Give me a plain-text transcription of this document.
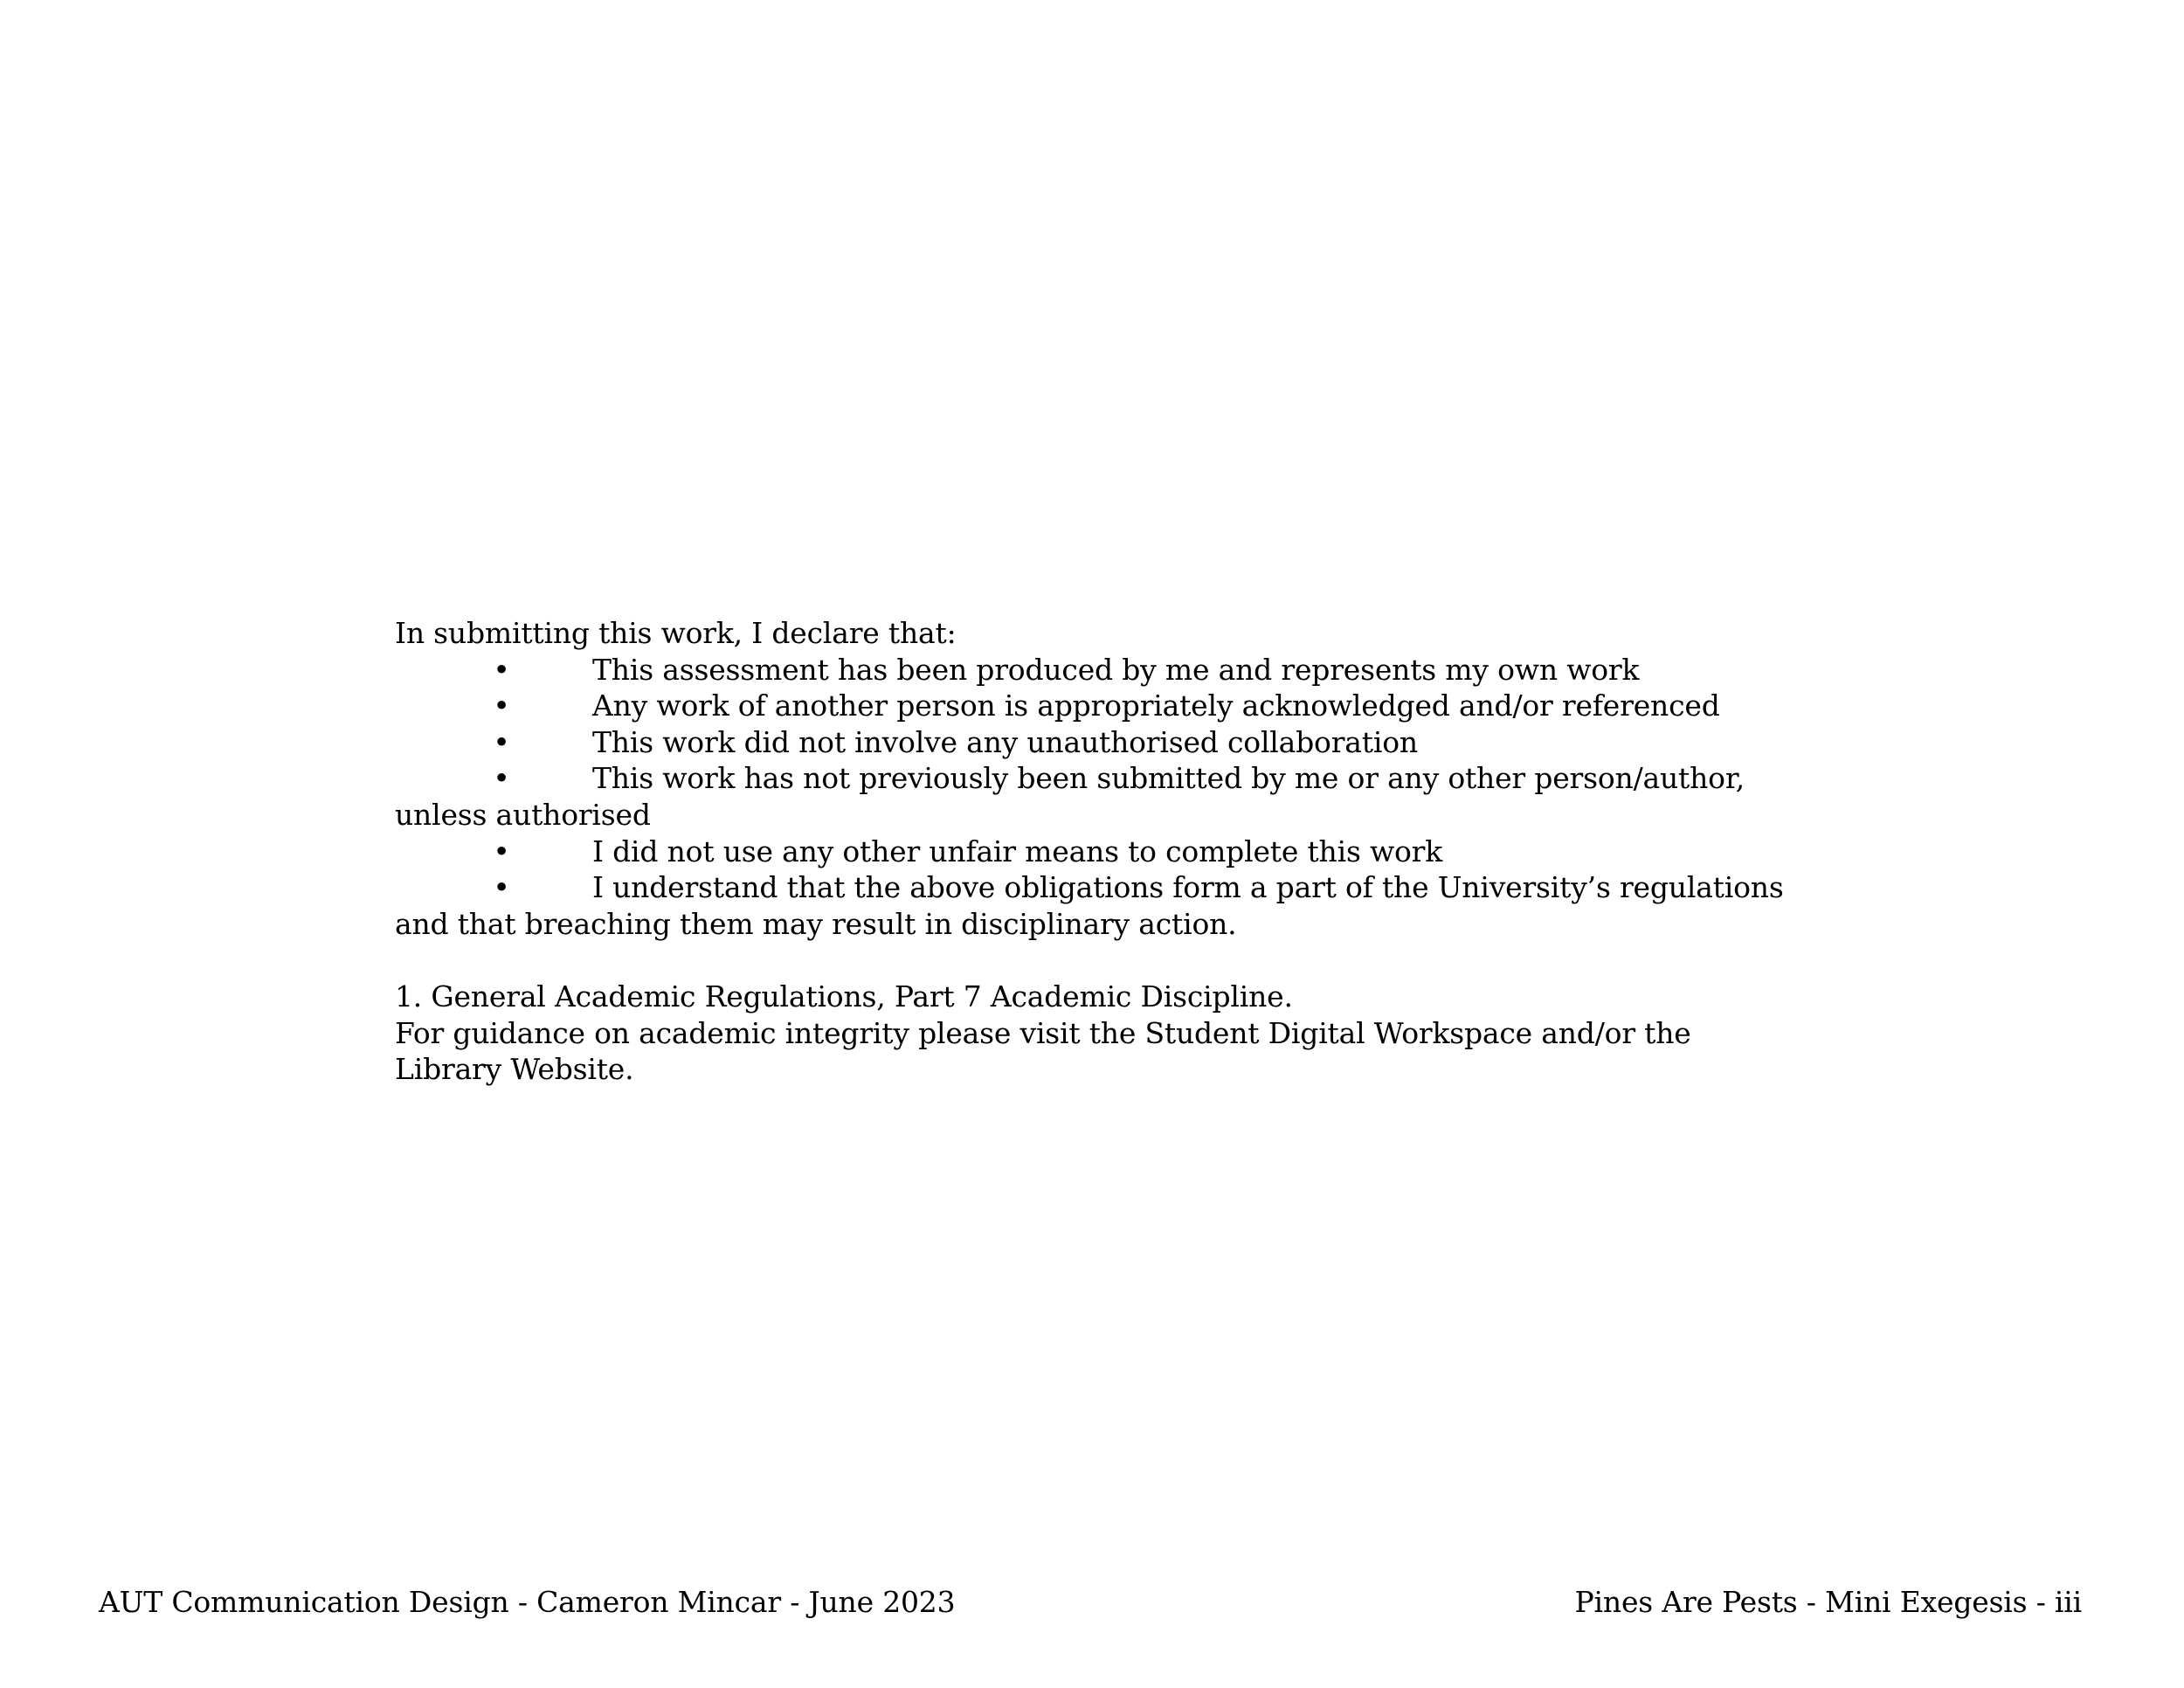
In submitting this work, I declare that:
•	This assessment has been produced by me and represents my own work
•	Any work of another person is appropriately acknowledged and/or referenced
•	This work did not involve any unauthorised collaboration
•	This work has not previously been submitted by me or any other person/author,
unless authorised
•	I did not use any other unfair means to complete this work
•	I understand that the above obligations form a part of the University’s regulations
and that breaching them may result in disciplinary action.
1. General Academic Regulations, Part 7 Academic Discipline.
For guidance on academic integrity please visit the Student Digital Workspace and/or the
Library Website.
AUT Communication Design - Cameron Mincar - June 2023	Pines Are Pests - Mini Exegesis - iii
